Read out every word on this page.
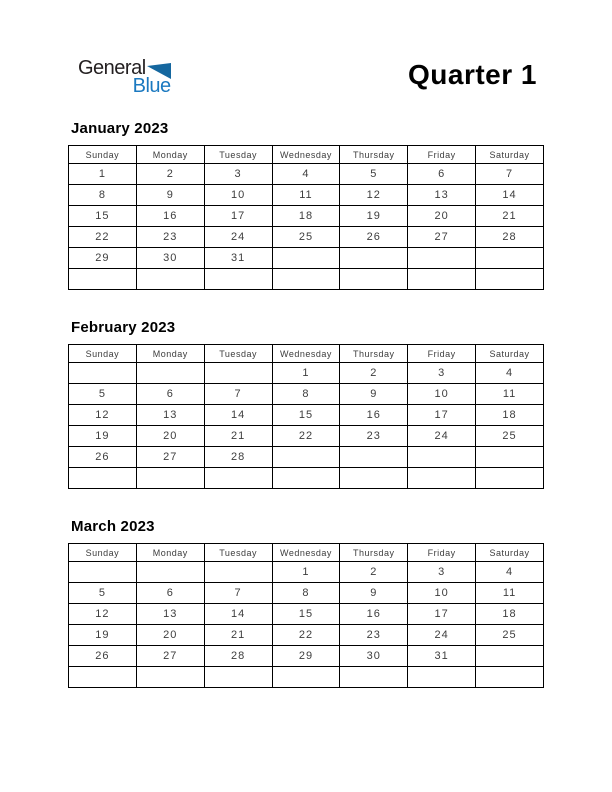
General
Blue	Quarter 1
January 2023
Sunday	Monday	Tuesday	Wednesday	Thursday	Friday	Saturday
1	2	3	4	5	6	7
8	9	10	11	12	13	14
15	16	17	18	19	20	21
22	23	24	25	26	27	28
29	30	31				

February 2023
Sunday	Monday	Tuesday	Wednesday	Thursday	Friday	Saturday
			1	2	3	4
5	6	7	8	9	10	11
12	13	14	15	16	17	18
19	20	21	22	23	24	25
26	27	28				

March 2023
Sunday	Monday	Tuesday	Wednesday	Thursday	Friday	Saturday
			1	2	3	4
5	6	7	8	9	10	11
12	13	14	15	16	17	18
19	20	21	22	23	24	25
26	27	28	29	30	31	
